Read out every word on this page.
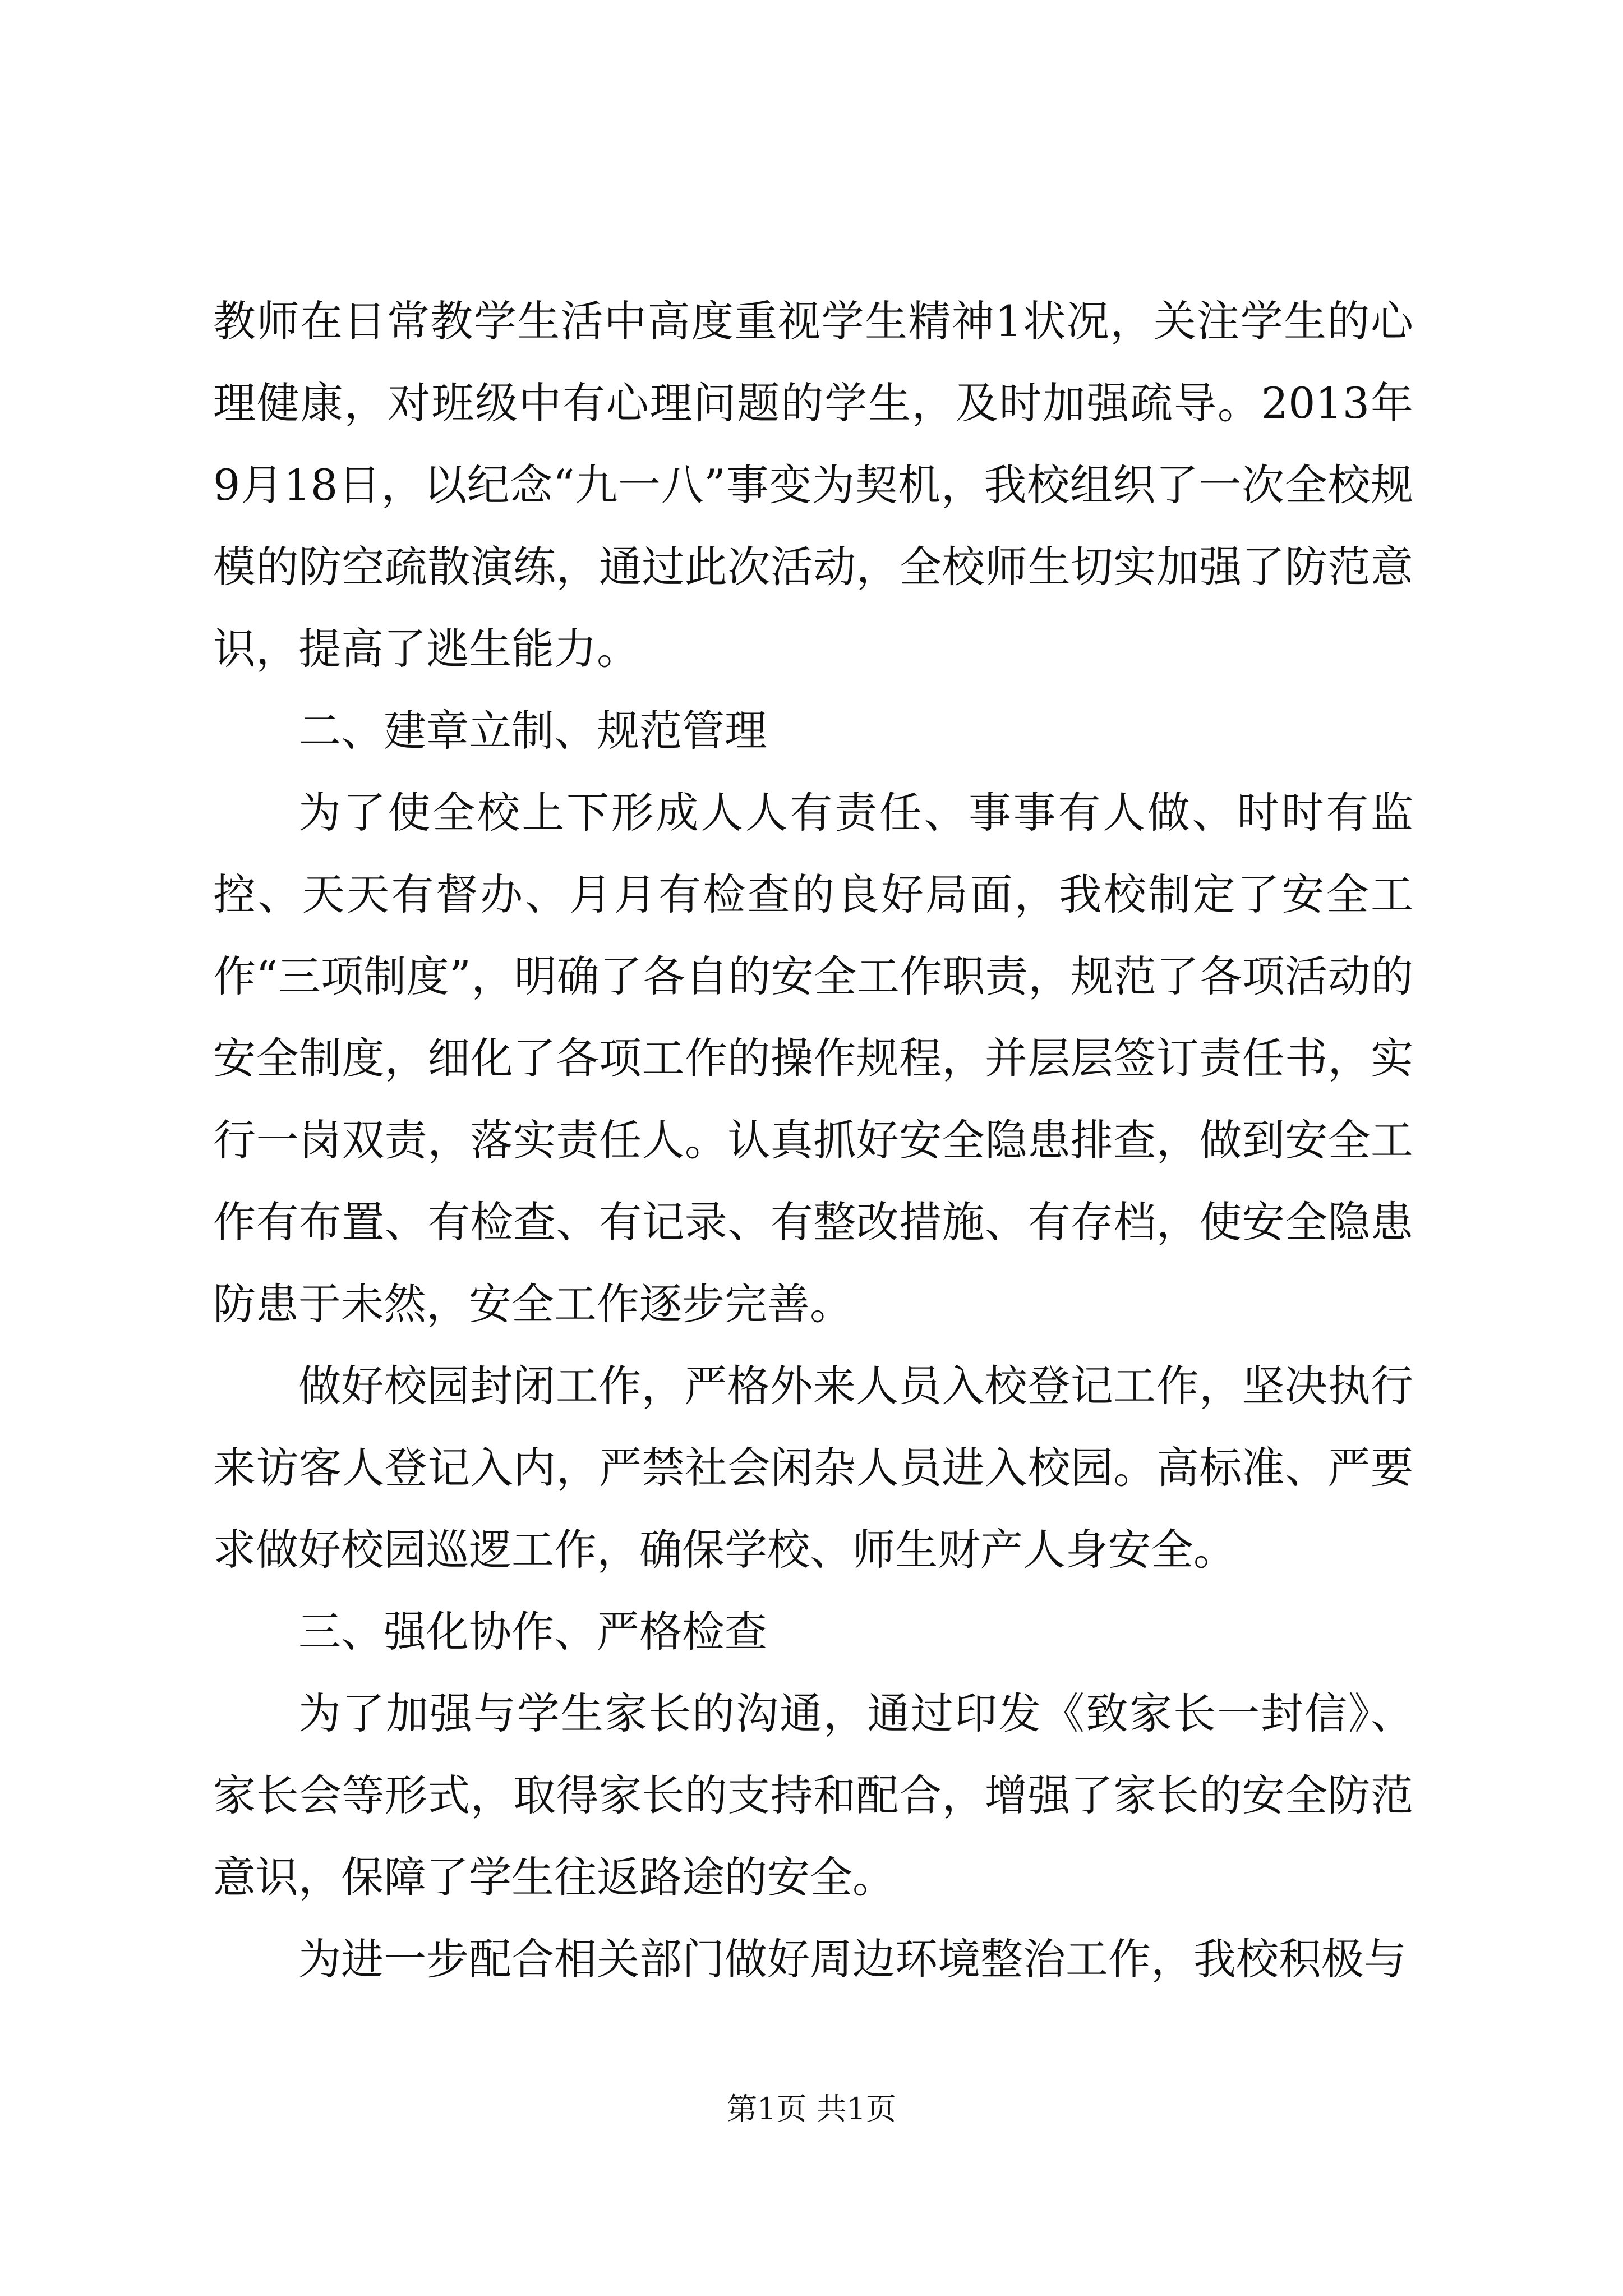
教师在日常教学生活中高度重视学生精神1状况，关注学生的心理健康，对班级中有心理问题的学生，及时加强疏导。2013年9月18日，以纪念“九一八”事变为契机，我校组织了一次全校规模的防空疏散演练，通过此次活动，全校师生切实加强了防范意识，提高了逃生能力。

二、建章立制、规范管理

为了使全校上下形成人人有责任、事事有人做、时时有监控、天天有督办、月月有检查的良好局面，我校制定了安全工作“三项制度”，明确了各自的安全工作职责，规范了各项活动的安全制度，细化了各项工作的操作规程，并层层签订责任书，实行一岗双责，落实责任人。认真抓好安全隐患排查，做到安全工作有布置、有检查、有记录、有整改措施、有存档，使安全隐患防患于未然，安全工作逐步完善。

做好校园封闭工作，严格外来人员入校登记工作，坚决执行来访客人登记入内，严禁社会闲杂人员进入校园。高标准、严要求做好校园巡逻工作，确保学校、师生财产人身安全。

三、强化协作、严格检查

为了加强与学生家长的沟通，通过印发《致家长一封信》、家长会等形式，取得家长的支持和配合，增强了家长的安全防范意识，保障了学生往返路途的安全。

为进一步配合相关部门做好周边环境整治工作，我校积极与

第1页 共1页
